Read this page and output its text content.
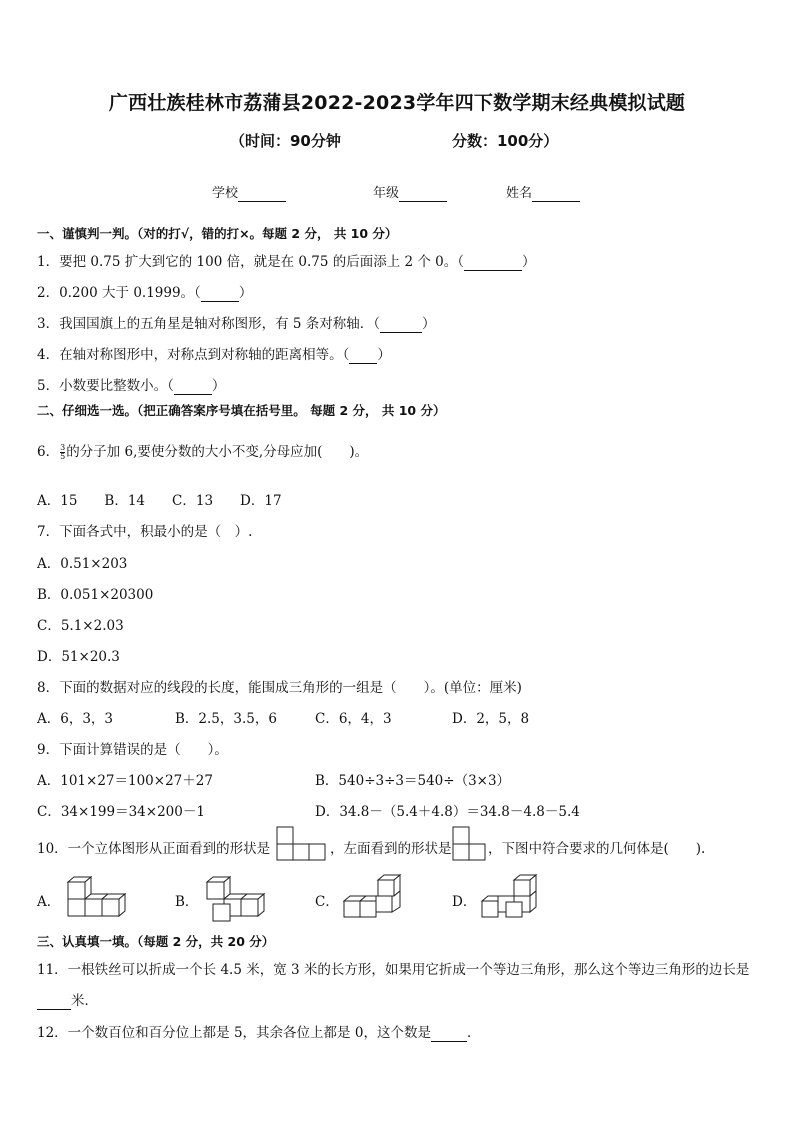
广西壮族桂林市荔蒲县2022-2023学年四下数学期末经典模拟试题
（时间：90分钟	分数：100分）
学校	年级	姓名
一、谨慎判一判。（对的打√，错的打×。每题 2 分， 共 10 分）
1．要把 0.75 扩大到它的 100 倍，就是在 0.75 的后面添上 2 个 0。（	）
2．0.200 大于 0.1999。（	）
3．我国国旗上的五角星是轴对称图形，有 5 条对称轴．（	）
4．在轴对称图形中，对称点到对称轴的距离相等。（ ）
5．小数要比整数小。（	）
二、仔细选一选。（把正确答案序号填在括号里。 每题 2 分， 共 10 分）
6． $\frac{3}{5}$ 的分子加 6,要使分数的大小不变,分母应加(　　)。
A．15　　B．14　　C．13　　D．17
7．下面各式中，积最小的是（　）.
A．0.51×203
B．0.051×20300
C．5.1×2.03
D．51×20.3
8．下面的数据对应的线段的长度，能围成三角形的一组是（　　）。(单位：厘米)
A．6，3，3	B．2.5，3.5，6	C．6，4，3	D．2，5，8
9．下面计算错误的是（　　）。
A．101×27＝100×27＋27	B．540÷3÷3＝540÷（3×3）
C．34×199＝34×200－1	D．34.8－（5.4＋4.8）＝34.8－4.8－5.4
10．一个立体图形从正面看到的形状是	，左面看到的形状是	，下图中符合要求的几何体是(　　).
A．	B．	C．	D．
三、认真填一填。（每题 2 分，共 20 分）
11．一根铁丝可以折成一个长 4.5 米，宽 3 米的长方形，如果用它折成一个等边三角形，那么这个等边三角形的边长是
米．
12．一个数百位和百分位上都是 5，其余各位上都是 0，这个数是	．
